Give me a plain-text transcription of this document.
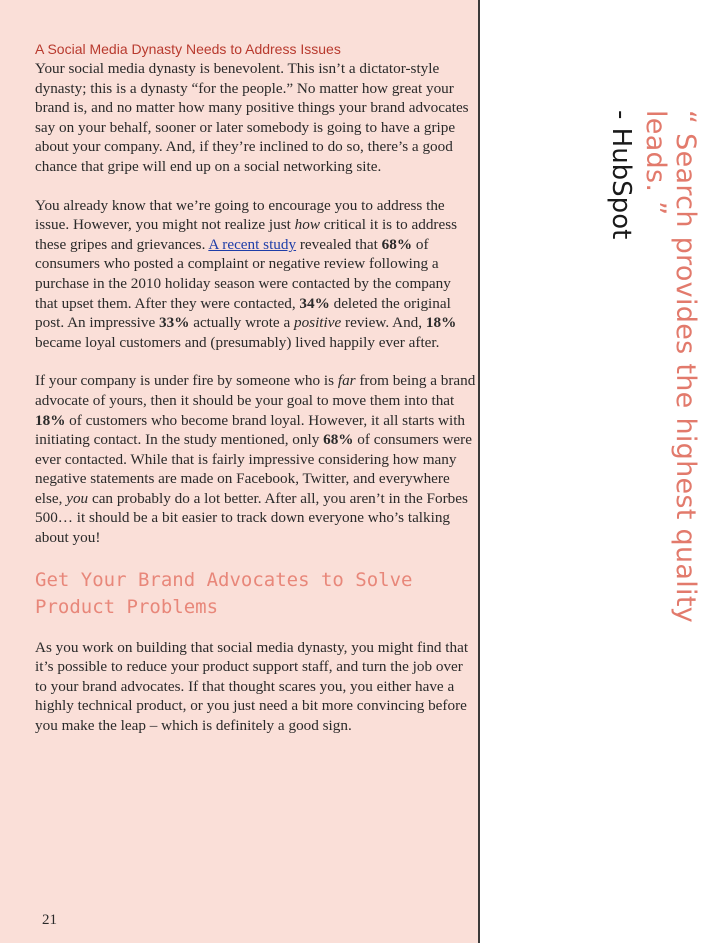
A Social Media Dynasty Needs to Address Issues

Your social media dynasty is benevolent. This isn’t a dictator-style dynasty; this is a dynasty “for the people.” No matter how great your brand is, and no matter how many positive things your brand advocates say on your behalf, sooner or later somebody is going to have a gripe about your company. And, if they’re inclined to do so, there’s a good chance that gripe will end up on a social networking site.

You already know that we’re going to encourage you to address the issue. However, you might not realize just how critical it is to address these gripes and grievances. A recent study revealed that 68% of consumers who posted a complaint or negative review following a purchase in the 2010 holiday season were contacted by the company that upset them. After they were contacted, 34% deleted the original post. An impressive 33% actually wrote a positive review. And, 18% became loyal customers and (presumably) lived happily ever after.

If your company is under fire by someone who is far from being a brand advocate of yours, then it should be your goal to move them into that 18% of customers who become brand loyal. However, it all starts with initiating contact. In the study mentioned, only 68% of consumers were ever contacted. While that is fairly impressive considering how many negative statements are made on Facebook, Twitter, and everywhere else, you can probably do a lot better. After all, you aren’t in the Forbes 500… it should be a bit easier to track down everyone who’s talking about you!

Get Your Brand Advocates to Solve Product Problems

As you work on building that social media dynasty, you might find that it’s possible to reduce your product support staff, and turn the job over to your brand advocates. If that thought scares you, you either have a highly technical product, or you just need a bit more convincing before you make the leap – which is definitely a good sign.

21

“ Search provides the highest quality leads. ”

- HubSpot
